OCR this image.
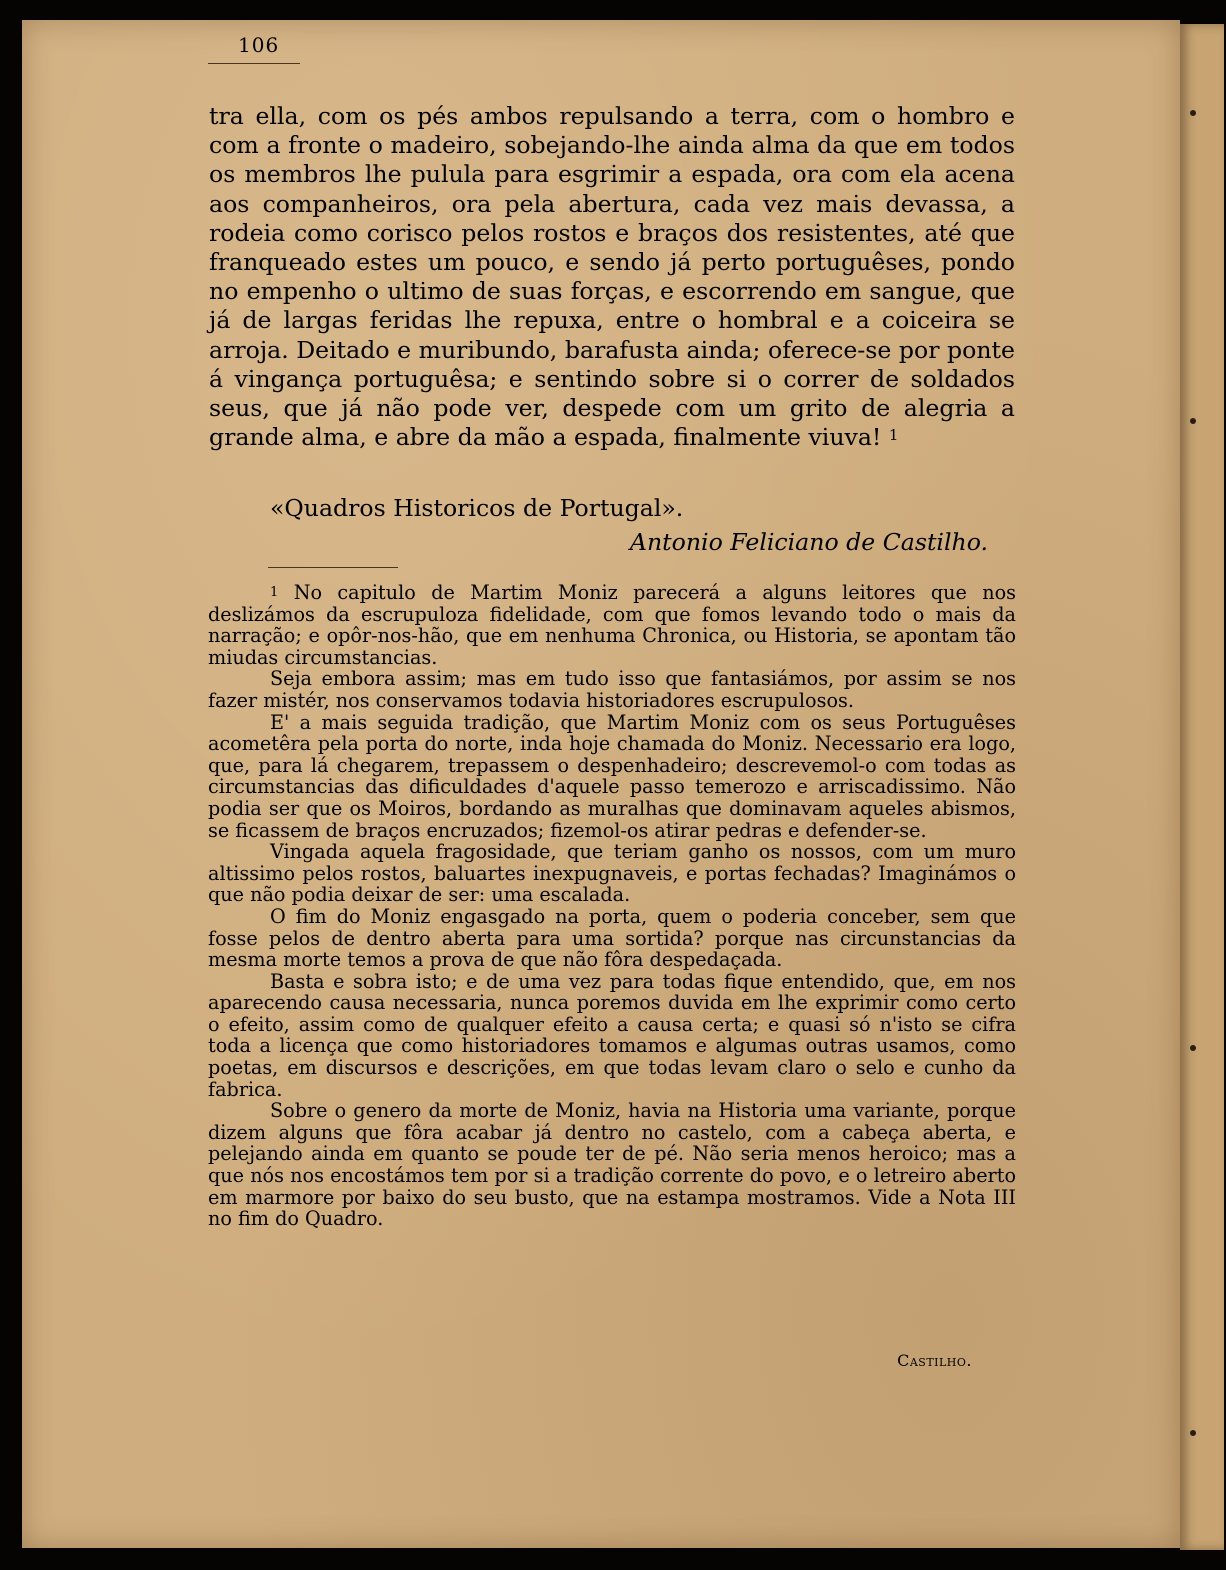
106

tra ella, com os pés ambos repulsando a terra, com o hombro e com a fronte o madeiro, sobejando-lhe ainda alma da que em todos os membros lhe pulula para esgrimir a espada, ora com ela acena aos companheiros, ora pela abertura, cada vez mais devassa, a rodeia como corisco pelos rostos e braços dos resistentes, até que franqueado estes um pouco, e sendo já perto portuguêses, pondo no empenho o ultimo de suas forças, e escorrendo em sangue, que já de largas feridas lhe repuxa, entre o hombral e a coiceira se arroja. Deitado e muribundo, barafusta ainda; oferece-se por ponte á vingança portuguêsa; e sentindo sobre si o correr de soldados seus, que já não pode ver, despede com um grito de alegria a grande alma, e abre da mão a espada, finalmente viuva! $^1$

«Quadros Historicos de Portugal».
Antonio Feliciano de Castilho.

$^1$ No capitulo de Martim Moniz parecerá a alguns leitores que nos deslizámos da escrupuloza fidelidade, com que fomos levando todo o mais da narração; e opôr-nos-hão, que em nenhuma Chronica, ou Historia, se apontam tão miudas circumstancias.

Seja embora assim; mas em tudo isso que fantasiámos, por assim se nos fazer mistér, nos conservamos todavia historiadores escrupulosos.

E' a mais seguida tradição, que Martim Moniz com os seus Portuguêses acometêra pela porta do norte, inda hoje chamada do Moniz. Necessario era logo, que, para lá chegarem, trepassem o despenhadeiro; descrevemol-o com todas as circumstancias das dificuldades d'aquele passo temerozo e arriscadissimo. Não podia ser que os Moiros, bordando as muralhas que dominavam aqueles abismos, se ficassem de braços encruzados; fizemol-os atirar pedras e defender-se.

Vingada aquela fragosidade, que teriam ganho os nossos, com um muro altissimo pelos rostos, baluartes inexpugnaveis, e portas fechadas? Imaginámos o que não podia deixar de ser: uma escalada.

O fim do Moniz engasgado na porta, quem o poderia conceber, sem que fosse pelos de dentro aberta para uma sortida? porque nas circunstancias da mesma morte temos a prova de que não fôra despedaçada.

Basta e sobra isto; e de uma vez para todas fique entendido, que, em nos aparecendo causa necessaria, nunca poremos duvida em lhe exprimir como certo o efeito, assim como de qualquer efeito a causa certa; e quasi só n'isto se cifra toda a licença que como historiadores tomamos e algumas outras usamos, como poetas, em discursos e descrições, em que todas levam claro o selo e cunho da fabrica.

Sobre o genero da morte de Moniz, havia na Historia uma variante, porque dizem alguns que fôra acabar já dentro no castelo, com a cabeça aberta, e pelejando ainda em quanto se poude ter de pé. Não seria menos heroico; mas a que nós nos encostámos tem por si a tradição corrente do povo, e o letreiro aberto em marmore por baixo do seu busto, que na estampa mostramos. Vide a Nota III no fim do Quadro.

Castilho.
